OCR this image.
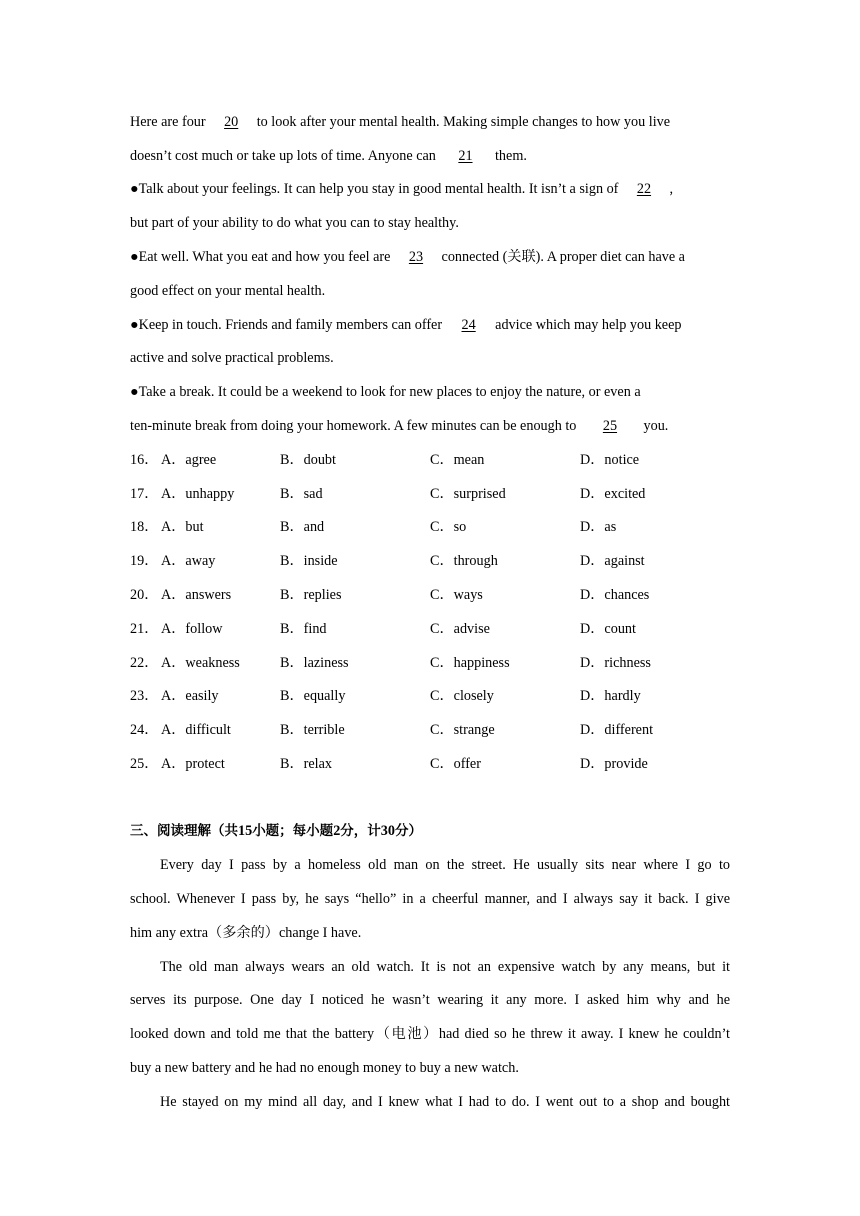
Here are four 20 to look after your mental health. Making simple changes to how you live
doesn’t cost much or take up lots of time. Anyone can 21 them.
●Talk about your feelings. It can help you stay in good mental health. It isn’t a sign of 22 ,
but part of your ability to do what you can to stay healthy.
●Eat well. What you eat and how you feel are 23 connected (关联). A proper diet can have a
good effect on your mental health.
●Keep in touch. Friends and family members can offer 24 advice which may help you keep
active and solve practical problems.
●Take a break. It could be a weekend to look for new places to enjoy the nature, or even a
ten-minute break from doing your homework. A few minutes can be enough to 25 you.
16． A．agree	B．doubt	C．mean	D．notice
17． A．unhappy	B．sad	C．surprised	D．excited
18． A．but	B．and	C．so	D．as
19． A．away	B．inside	C．through	D．against
20． A．answers	B．replies	C．ways	D．chances
21． A．follow	B．find	C．advise	D．count
22． A．weakness	B．laziness	C．happiness	D．richness
23． A．easily	B．equally	C．closely	D．hardly
24． A．difficult	B．terrible	C．strange	D．different
25． A．protect	B．relax	C．offer	D．provide
三、阅读理解（共15小题；每小题2分，计30分）
Every day I pass by a homeless old man on the street. He usually sits near where I go to
school. Whenever I pass by, he says “hello” in a cheerful manner, and I always say it back. I give
him any extra（多余的）change I have.
The old man always wears an old watch. It is not an expensive watch by any means, but it
serves its purpose. One day I noticed he wasn’t wearing it any more. I asked him why and he
looked down and told me that the battery（电池）had died so he threw it away. I knew he couldn’t
buy a new battery and he had no enough money to buy a new watch.
He stayed on my mind all day, and I knew what I had to do. I went out to a shop and bought
